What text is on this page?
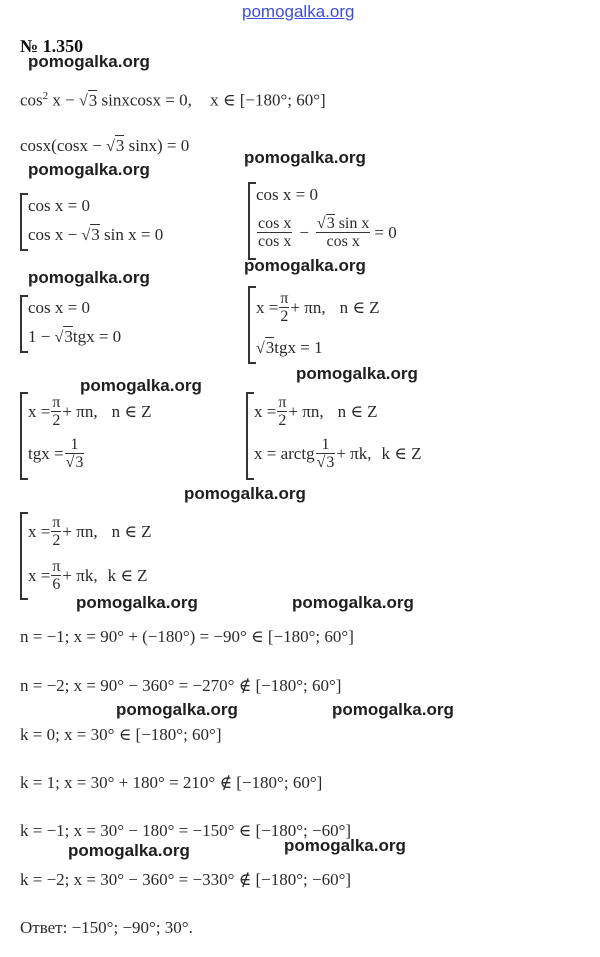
pomogalka.org
№ 1.350
pomogalka.org
pomogalka.org
pomogalka.org
pomogalka.org
pomogalka.org
pomogalka.org
pomogalka.org
pomogalka.org
pomogalka.org	pomogalka.org
pomogalka.org	pomogalka.org
pomogalka.org	pomogalka.org
$\cos^2 x - √3$ sinxcosx = 0, x ∈ [−180°; 60°]
cosx(cosx − √3 sinx) = 0
cos x = 0
cos x − √3 sin x = 0
cos x = 0
cos x
$\cos x - \frac{\text{√3 sin x}}{\text{cos x}} = 0$
cos x = 0
1 − √3tgx = 0
$x = \frac{\pi}{2} + \pi n$, n ∈ Z
√3tgx = 1
$x = \frac{\pi}{2} + \pi n$, n ∈ Z
tgx = $\frac{1}{√3}$
$x = \frac{\pi}{2} + \pi n$, n ∈ Z
x = arctg 1
√3 + πk, k ∈ Z
$x = \frac{\pi}{2} + \pi n$, n ∈ Z
$x = \frac{\pi}{6} + \pi k$, k ∈ Z
n = −1; x = 90° + (−180°) = −90° ∈ [−180°; 60°]
n = −2; x = 90° − 360° = −270° ∉ [−180°; 60°]
k = 0; x = 30° ∈ [−180°; 60°]
k = 1; x = 30° + 180° = 210° ∉ [−180°; 60°]
k = −1; x = 30° − 180° = −150° ∈ [−180°; −60°]
k = −2; x = 30° − 360° = −330° ∉ [−180°; −60°]
Ответ: −150°; −90°; 30°.
